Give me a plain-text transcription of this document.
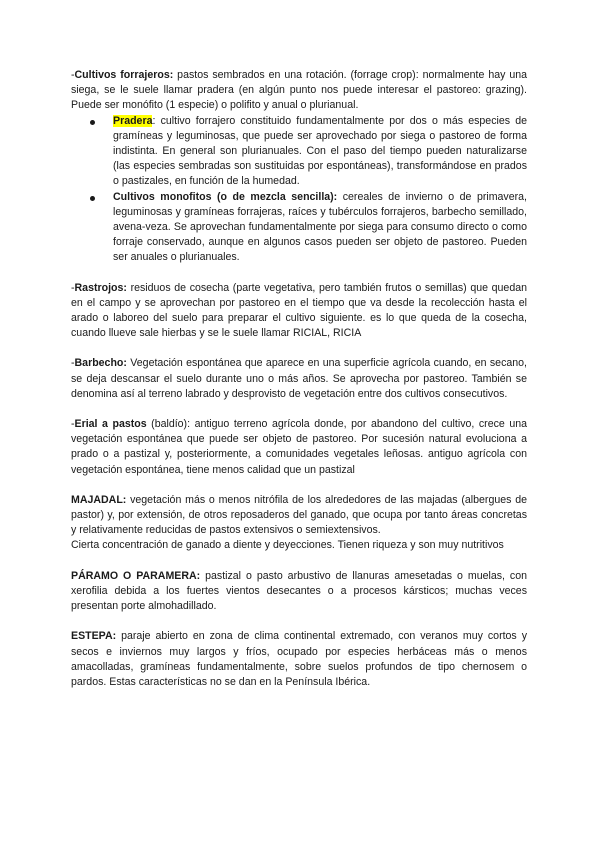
-Cultivos forrajeros: pastos sembrados en una rotación. (forrage crop): normalmente hay una siega, se le suele llamar pradera (en algún punto nos puede interesar el pastoreo: grazing). Puede ser monófito (1 especie) o polifito y anual o plurianual.

Pradera: cultivo forrajero constituido fundamentalmente por dos o más especies de gramíneas y leguminosas, que puede ser aprovechado por siega o pastoreo de forma indistinta. En general son plurianuales. Con el paso del tiempo pueden naturalizarse (las especies sembradas son sustituidas por espontáneas), transformándose en prados o pastizales, en función de la humedad.
Cultivos monofitos (o de mezcla sencilla): cereales de invierno o de primavera, leguminosas y gramíneas forrajeras, raíces y tubérculos forrajeros, barbecho semillado, avena-veza. Se aprovechan fundamentalmente por siega para consumo directo o como forraje conservado, aunque en algunos casos pueden ser objeto de pastoreo. Pueden ser anuales o plurianuales.

-Rastrojos: residuos de cosecha (parte vegetativa, pero también frutos o semillas) que quedan en el campo y se aprovechan por pastoreo en el tiempo que va desde la recolección hasta el arado o laboreo del suelo para preparar el cultivo siguiente. es lo que queda de la cosecha, cuando llueve sale hierbas y se le suele llamar RICIAL, RICIA

-Barbecho: Vegetación espontánea que aparece en una superficie agrícola cuando, en secano, se deja descansar el suelo durante uno o más años. Se aprovecha por pastoreo. También se denomina así al terreno labrado y desprovisto de vegetación entre dos cultivos consecutivos.

-Erial a pastos (baldío): antiguo terreno agrícola donde, por abandono del cultivo, crece una vegetación espontánea que puede ser objeto de pastoreo. Por sucesión natural evoluciona a prado o a pastizal y, posteriormente, a comunidades vegetales leñosas. antiguo agrícola con vegetación espontánea, tiene menos calidad que un pastizal

MAJADAL: vegetación más o menos nitrófila de los alrededores de las majadas (albergues de pastor) y, por extensión, de otros reposaderos del ganado, que ocupa por tanto áreas concretas y relativamente reducidas de pastos extensivos o semiextensivos.

Cierta concentración de ganado a diente y deyecciones. Tienen riqueza y son muy nutritivos

PÁRAMO O PARAMERA: pastizal o pasto arbustivo de llanuras amesetadas o muelas, con xerofilia debida a los fuertes vientos desecantes o a procesos kársticos; muchas veces presentan porte almohadillado.

ESTEPA: paraje abierto en zona de clima continental extremado, con veranos muy cortos y secos e inviernos muy largos y fríos, ocupado por especies herbáceas más o menos amacolladas, gramíneas fundamentalmente, sobre suelos profundos de tipo chernosem o pardos. Estas características no se dan en la Península Ibérica.
